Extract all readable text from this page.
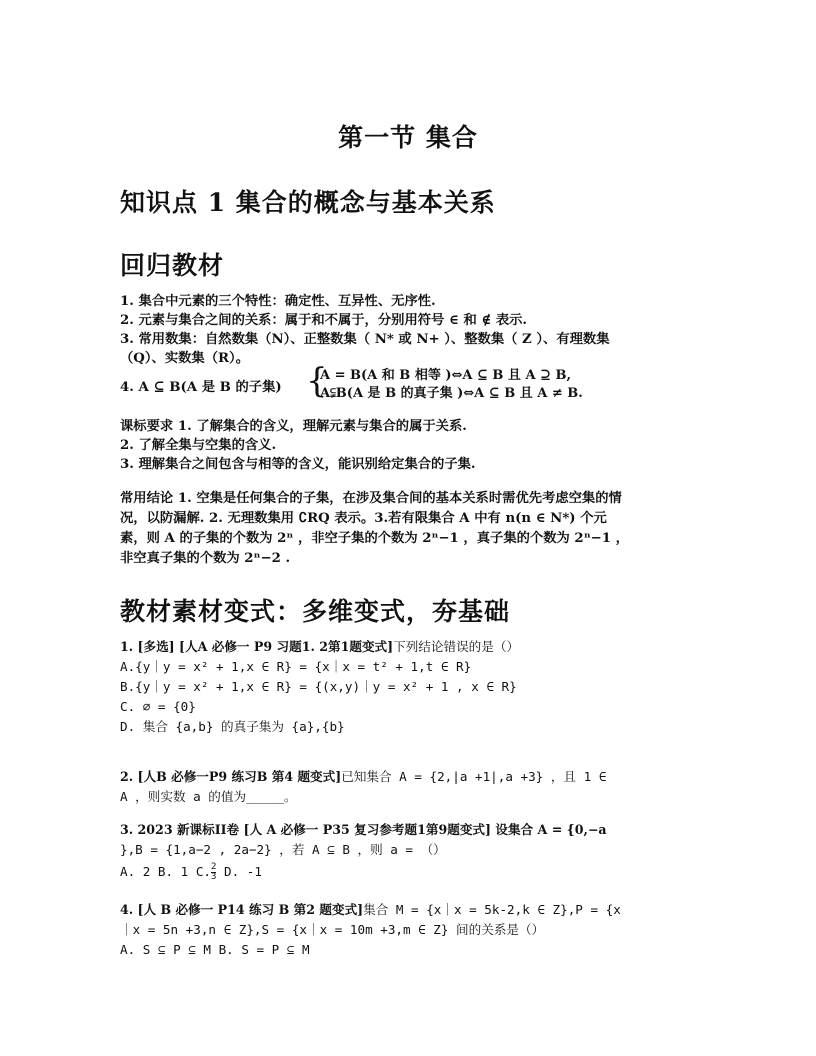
第一节 集合
知识点 1 集合的概念与基本关系
回归教材
1. 集合中元素的三个特性：确定性、互异性、无序性.
2. 元素与集合之间的关系：属于和不属于，分别用符号 ∈ 和 ∉ 表示.
3. 常用数集：自然数集（N）、正整数集（ N* 或 N+ ）、整数集（ Z ）、有理数集
（Q）、实数集（R）。
4. A ⊆ B(A 是 B 的子集) {
A = B(A 和 B 相等 )⇔A ⊆ B 且 A ⊇ B,
A⫋B(A 是 B 的真子集 )⇔A ⊆ B 且 A ≠ B.
课标要求 1. 了解集合的含义，理解元素与集合的属于关系.
2. 了解全集与空集的含义.
3. 理解集合之间包含与相等的含义，能识别给定集合的子集.
常用结论 1. 空集是任何集合的子集，在涉及集合间的基本关系时需优先考虑空集的情
况，以防漏解. 2. 无理数集用 ∁RQ 表示。3.若有限集合 A 中有 n(n ∈ N*) 个元
素，则 A 的子集的个数为 2ⁿ ，非空子集的个数为 2ⁿ−1 ，真子集的个数为 2ⁿ−1 ，
非空真子集的个数为 2ⁿ−2 .
教材素材变式：多维变式，夯基础
1. [多选] [人A 必修一 P9 习题1. 2第1题变式]下列结论错误的是（）
A.{y｜y = x² + 1,x ∈ R} = {x｜x = t² + 1,t ∈ R}
B.{y｜y = x² + 1,x ∈ R} = {(x,y)｜y = x² + 1 , x ∈ R}
C. ∅ = {0}
D. 集合 {a,b} 的真子集为 {a},{b}
2. [人B 必修一P9 练习B 第4 题变式]已知集合 A = {2,|a +1|,a +3} ，且 1 ∈
A ，则实数 a 的值为_____。
3. 2023 新课标II卷 [人 A 必修一 P35 复习参考题1第9题变式] 设集合 A = {0,−a
},B = {1,a−2 , 2a−2} ，若 A ⊆ B ，则 a = （）
A. 2 B. 1 C. $\frac{2}{3} D$. -1
4. [人 B 必修一 P14 练习 B 第2 题变式]集合 M = {x｜x = 5k-2,k ∈ Z},P = {x
｜x = 5n +3,n ∈ Z},S = {x｜x = 10m +3,m ∈ Z} 间的关系是（）
A. S ⊆ P ⊆ M B. S = P ⊆ M
